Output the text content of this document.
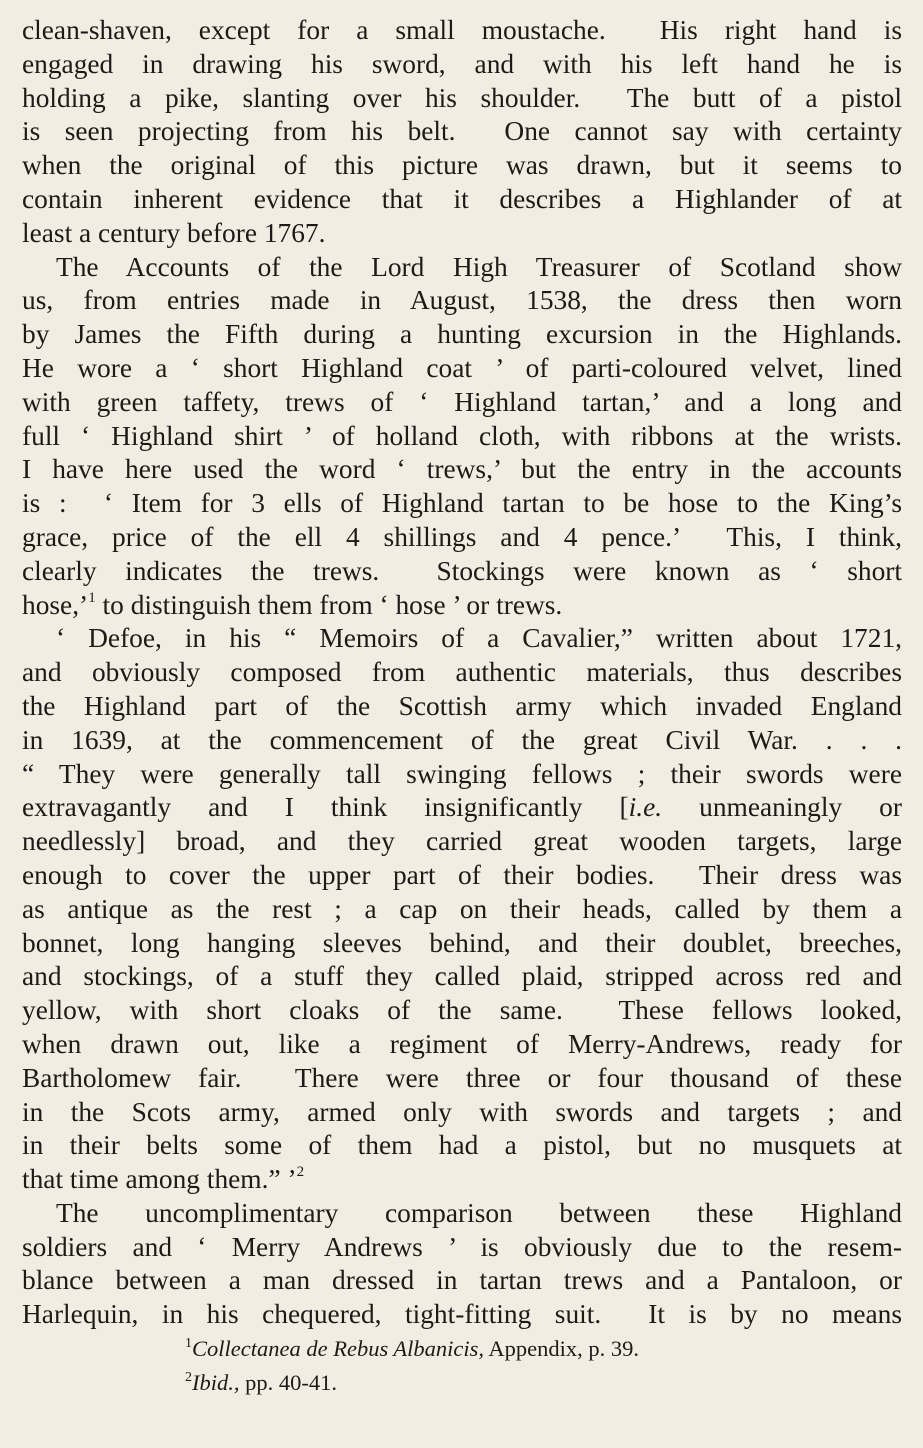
clean-shaven, except for a small moustache.  His right hand is
engaged in drawing his sword, and with his left hand he is
holding a pike, slanting over his shoulder.  The butt of a pistol
is seen projecting from his belt.  One cannot say with certainty
when the original of this picture was drawn, but it seems to
contain inherent evidence that it describes a Highlander of at
least a century before 1767.
The Accounts of the Lord High Treasurer of Scotland show
us, from entries made in August, 1538, the dress then worn
by James the Fifth during a hunting excursion in the Highlands.
He wore a ‘ short Highland coat ’ of parti-coloured velvet, lined
with green taffety, trews of ‘ Highland tartan,’ and a long and
full ‘ Highland shirt ’ of holland cloth, with ribbons at the wrists.
I have here used the word ‘ trews,’ but the entry in the accounts
is :  ‘ Item for 3 ells of Highland tartan to be hose to the King’s
grace, price of the ell 4 shillings and 4 pence.’  This, I think,
clearly indicates the trews.  Stockings were known as ‘ short
hose,’$^1$ to distinguish them from ‘ hose ’ or trews.
‘ Defoe, in his “ Memoirs of a Cavalier,” written about 1721,
and obviously composed from authentic materials, thus describes
the Highland part of the Scottish army which invaded England
in 1639, at the commencement of the great Civil War. . . .
“ They were generally tall swinging fellows ; their swords were
extravagantly and I think insignificantly [i.e. unmeaningly or
needlessly] broad, and they carried great wooden targets, large
enough to cover the upper part of their bodies.  Their dress was
as antique as the rest ; a cap on their heads, called by them a
bonnet, long hanging sleeves behind, and their doublet, breeches,
and stockings, of a stuff they called plaid, stripped across red and
yellow, with short cloaks of the same.  These fellows looked,
when drawn out, like a regiment of Merry-Andrews, ready for
Bartholomew fair.  There were three or four thousand of these
in the Scots army, armed only with swords and targets ; and
in their belts some of them had a pistol, but no musquets at
that time among them.” ’$^2$
The uncomplimentary comparison between these Highland
soldiers and ‘ Merry Andrews ’ is obviously due to the resem-
blance between a man dressed in tartan trews and a Pantaloon, or
Harlequin, in his chequered, tight-fitting suit.  It is by no means
$^1$Collectanea de Rebus Albanicis, Appendix, p. 39.
$^2$Ibid., pp. 40-41.
